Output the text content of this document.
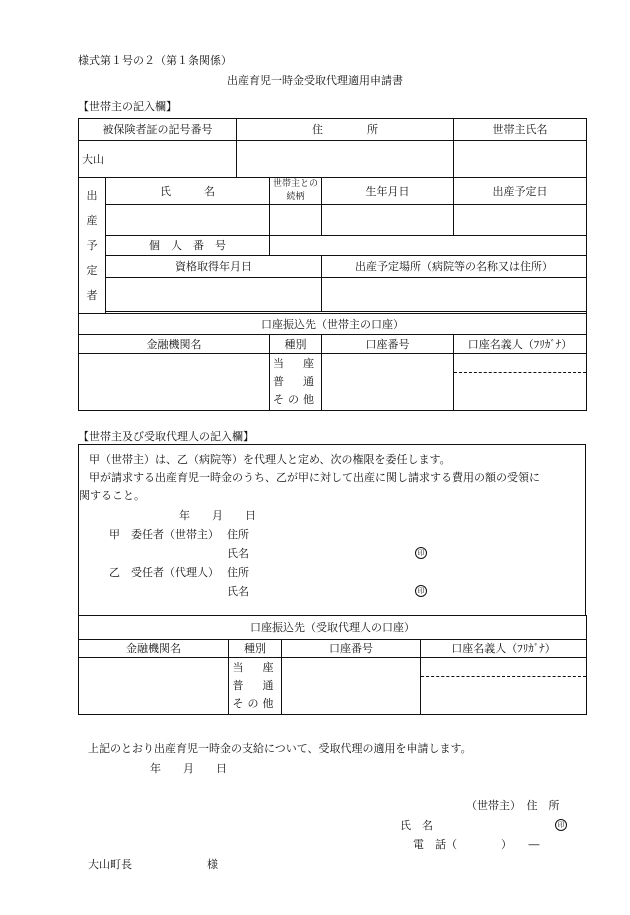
様式第１号の２（第１条関係）
出産育児一時金受取代理適用申請書
【世帯主の記入欄】
被保険者証の記号番号		住　　　　所			世帯主氏名
大山					

出
産
予
定
者	氏　　　名		世帯主との続柄	生年月日	出産予定日

	個　人　番　号				
	資格取得年月日			出産予定場所（病院等の名称又は住所）	

口座振込先（世帯主の口座）					
金融機関名			種別	口座番号	口座名義人（ﾌﾘｶﾞﾅ）

			当　座
普　通
その他		

【世帯主及び受取代理人の記入欄】
甲（世帯主）は、乙（病院等）を代理人と定め、次の権限を委任します。
甲が請求する出産育児一時金のうち、乙が甲に対して出産に関し請求する費用の額の受領に
関すること。
年　　月　　日
甲　委任者（世帯主） 住所
氏名	印
乙　受任者（代理人） 住所
氏名	印
口座振込先（受取代理人の口座）			
金融機関名	種別	口座番号	口座名義人（ﾌﾘｶﾞﾅ）

	当　座
普　通
その他		

上記のとおり出産育児一時金の支給について、受取代理の適用を申請します。
年　　月　　日
（世帯主）　住　所
氏　名	印
電　話（　　　　）　　―
大山町長	様
